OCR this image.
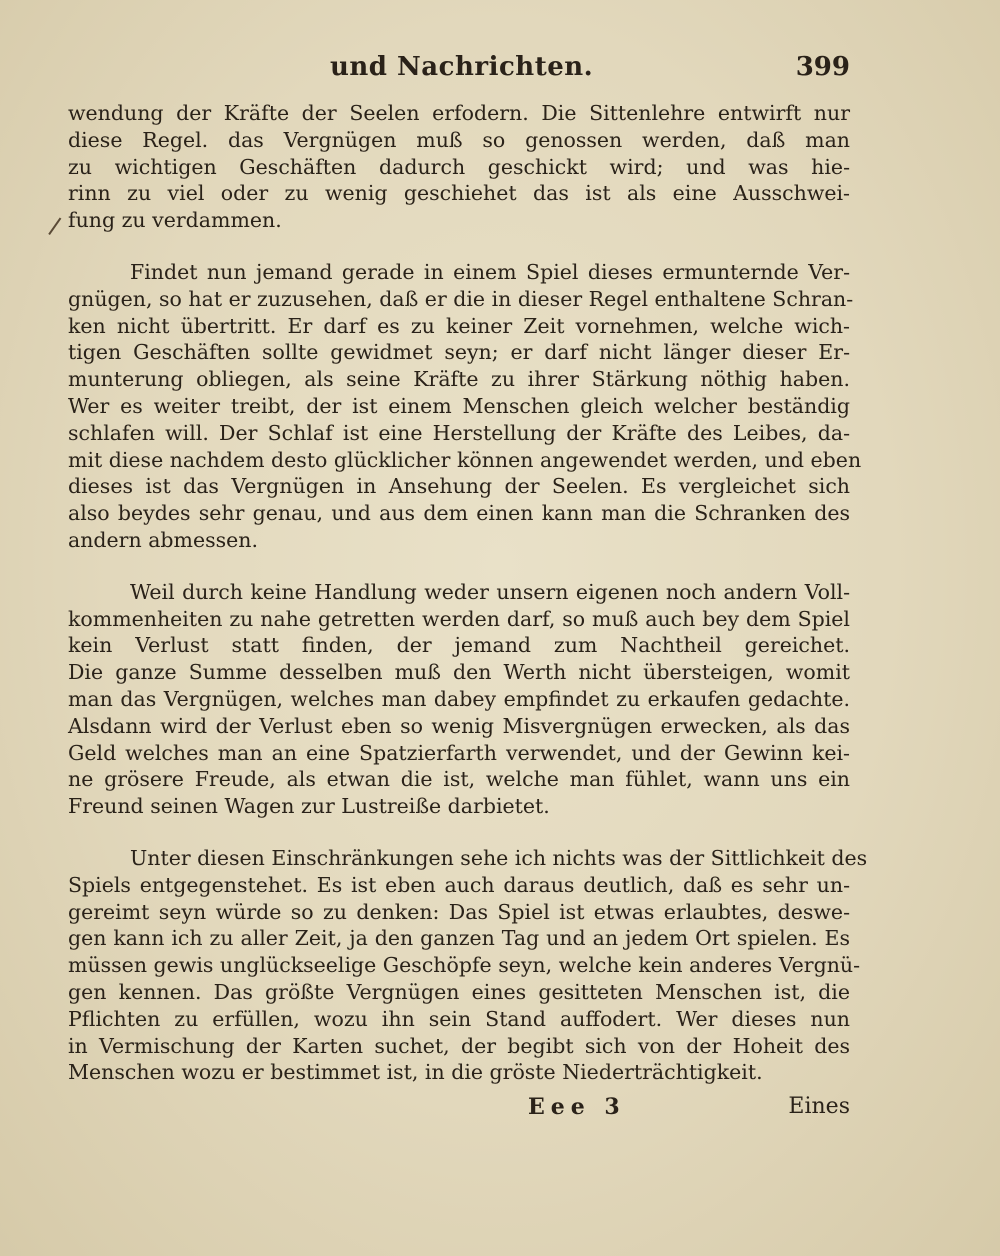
und Nachrichten.	399
wendung der Kräfte der Seelen erfodern. Die Sittenlehre entwirft nur
diese Regel. das Vergnügen muß so genossen werden, daß man
zu wichtigen Geschäften dadurch geschickt wird; und was hie-
rinn zu viel oder zu wenig geschiehet das ist als eine Ausschwei-
fung zu verdammen.
Findet nun jemand gerade in einem Spiel dieses ermunternde Ver-
gnügen, so hat er zuzusehen, daß er die in dieser Regel enthaltene Schran-
ken nicht übertritt. Er darf es zu keiner Zeit vornehmen, welche wich-
tigen Geschäften sollte gewidmet seyn; er darf nicht länger dieser Er-
munterung obliegen, als seine Kräfte zu ihrer Stärkung nöthig haben.
Wer es weiter treibt, der ist einem Menschen gleich welcher beständig
schlafen will. Der Schlaf ist eine Herstellung der Kräfte des Leibes, da-
mit diese nachdem desto glücklicher können angewendet werden, und eben
dieses ist das Vergnügen in Ansehung der Seelen. Es vergleichet sich
also beydes sehr genau, und aus dem einen kann man die Schranken des
andern abmessen.
Weil durch keine Handlung weder unsern eigenen noch andern Voll-
kommenheiten zu nahe getretten werden darf, so muß auch bey dem Spiel
kein Verlust statt finden, der jemand zum Nachtheil gereichet.
Die ganze Summe desselben muß den Werth nicht übersteigen, womit
man das Vergnügen, welches man dabey empfindet zu erkaufen gedachte.
Alsdann wird der Verlust eben so wenig Misvergnügen erwecken, als das
Geld welches man an eine Spatzierfarth verwendet, und der Gewinn kei-
ne grösere Freude, als etwan die ist, welche man fühlet, wann uns ein
Freund seinen Wagen zur Lustreiße darbietet.
Unter diesen Einschränkungen sehe ich nichts was der Sittlichkeit des
Spiels entgegenstehet. Es ist eben auch daraus deutlich, daß es sehr un-
gereimt seyn würde so zu denken: Das Spiel ist etwas erlaubtes, deswe-
gen kann ich zu aller Zeit, ja den ganzen Tag und an jedem Ort spielen. Es
müssen gewis unglückseelige Geschöpfe seyn, welche kein anderes Vergnü-
gen kennen. Das größte Vergnügen eines gesitteten Menschen ist, die
Pflichten zu erfüllen, wozu ihn sein Stand auffodert. Wer dieses nun
in Vermischung der Karten suchet, der begibt sich von der Hoheit des
Menschen wozu er bestimmet ist, in die gröste Niederträchtigkeit.
Eee 3	Eines
